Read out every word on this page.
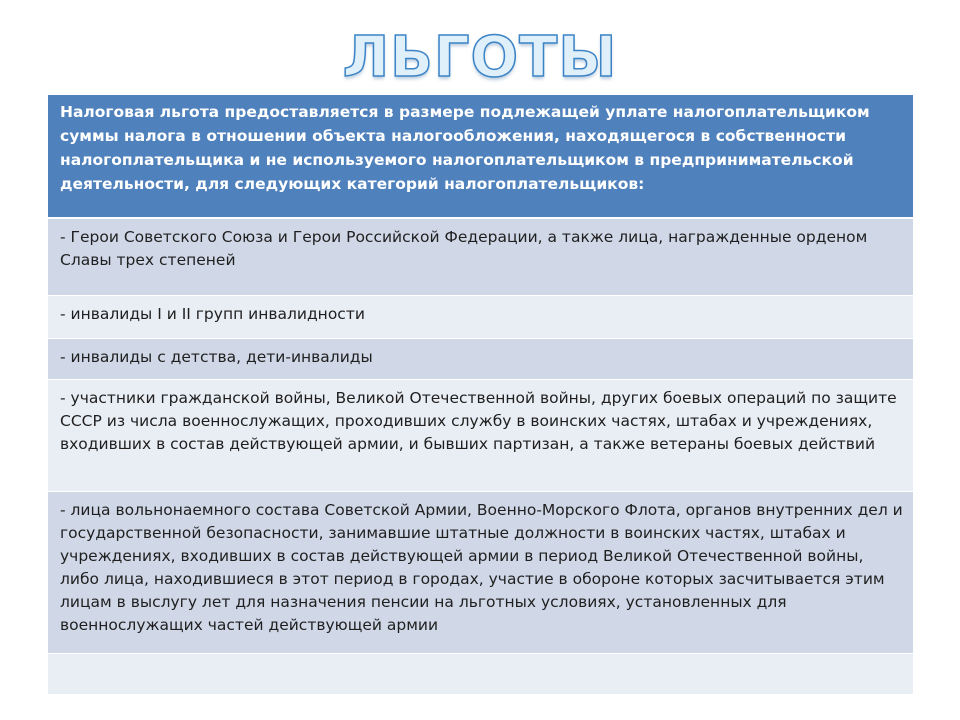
ЛЬГОТЫ
Налоговая льгота предоставляется в размере подлежащей уплате налогоплательщиком суммы налога в отношении объекта налогообложения, находящегося в собственности налогоплательщика и не используемого налогоплательщиком в предпринимательской деятельности, для следующих категорий налогоплательщиков:
- Герои Советского Союза и Герои Российской Федерации, а также лица, награжденные орденом Славы трех степеней
- инвалиды I и II групп инвалидности
- инвалиды с детства, дети-инвалиды
- участники гражданской войны, Великой Отечественной войны, других боевых операций по защите СССР из числа военнослужащих, проходивших службу в воинских частях, штабах и учреждениях, входивших в состав действующей армии, и бывших партизан, а также ветераны боевых действий
- лица вольнонаемного состава Советской Армии, Военно-Морского Флота, органов внутренних дел и государственной безопасности, занимавшие штатные должности в воинских частях, штабах и учреждениях, входивших в состав действующей армии в период Великой Отечественной войны, либо лица, находившиеся в этот период в городах, участие в обороне которых засчитывается этим лицам в выслугу лет для назначения пенсии на льготных условиях, установленных для военнослужащих частей действующей армии
